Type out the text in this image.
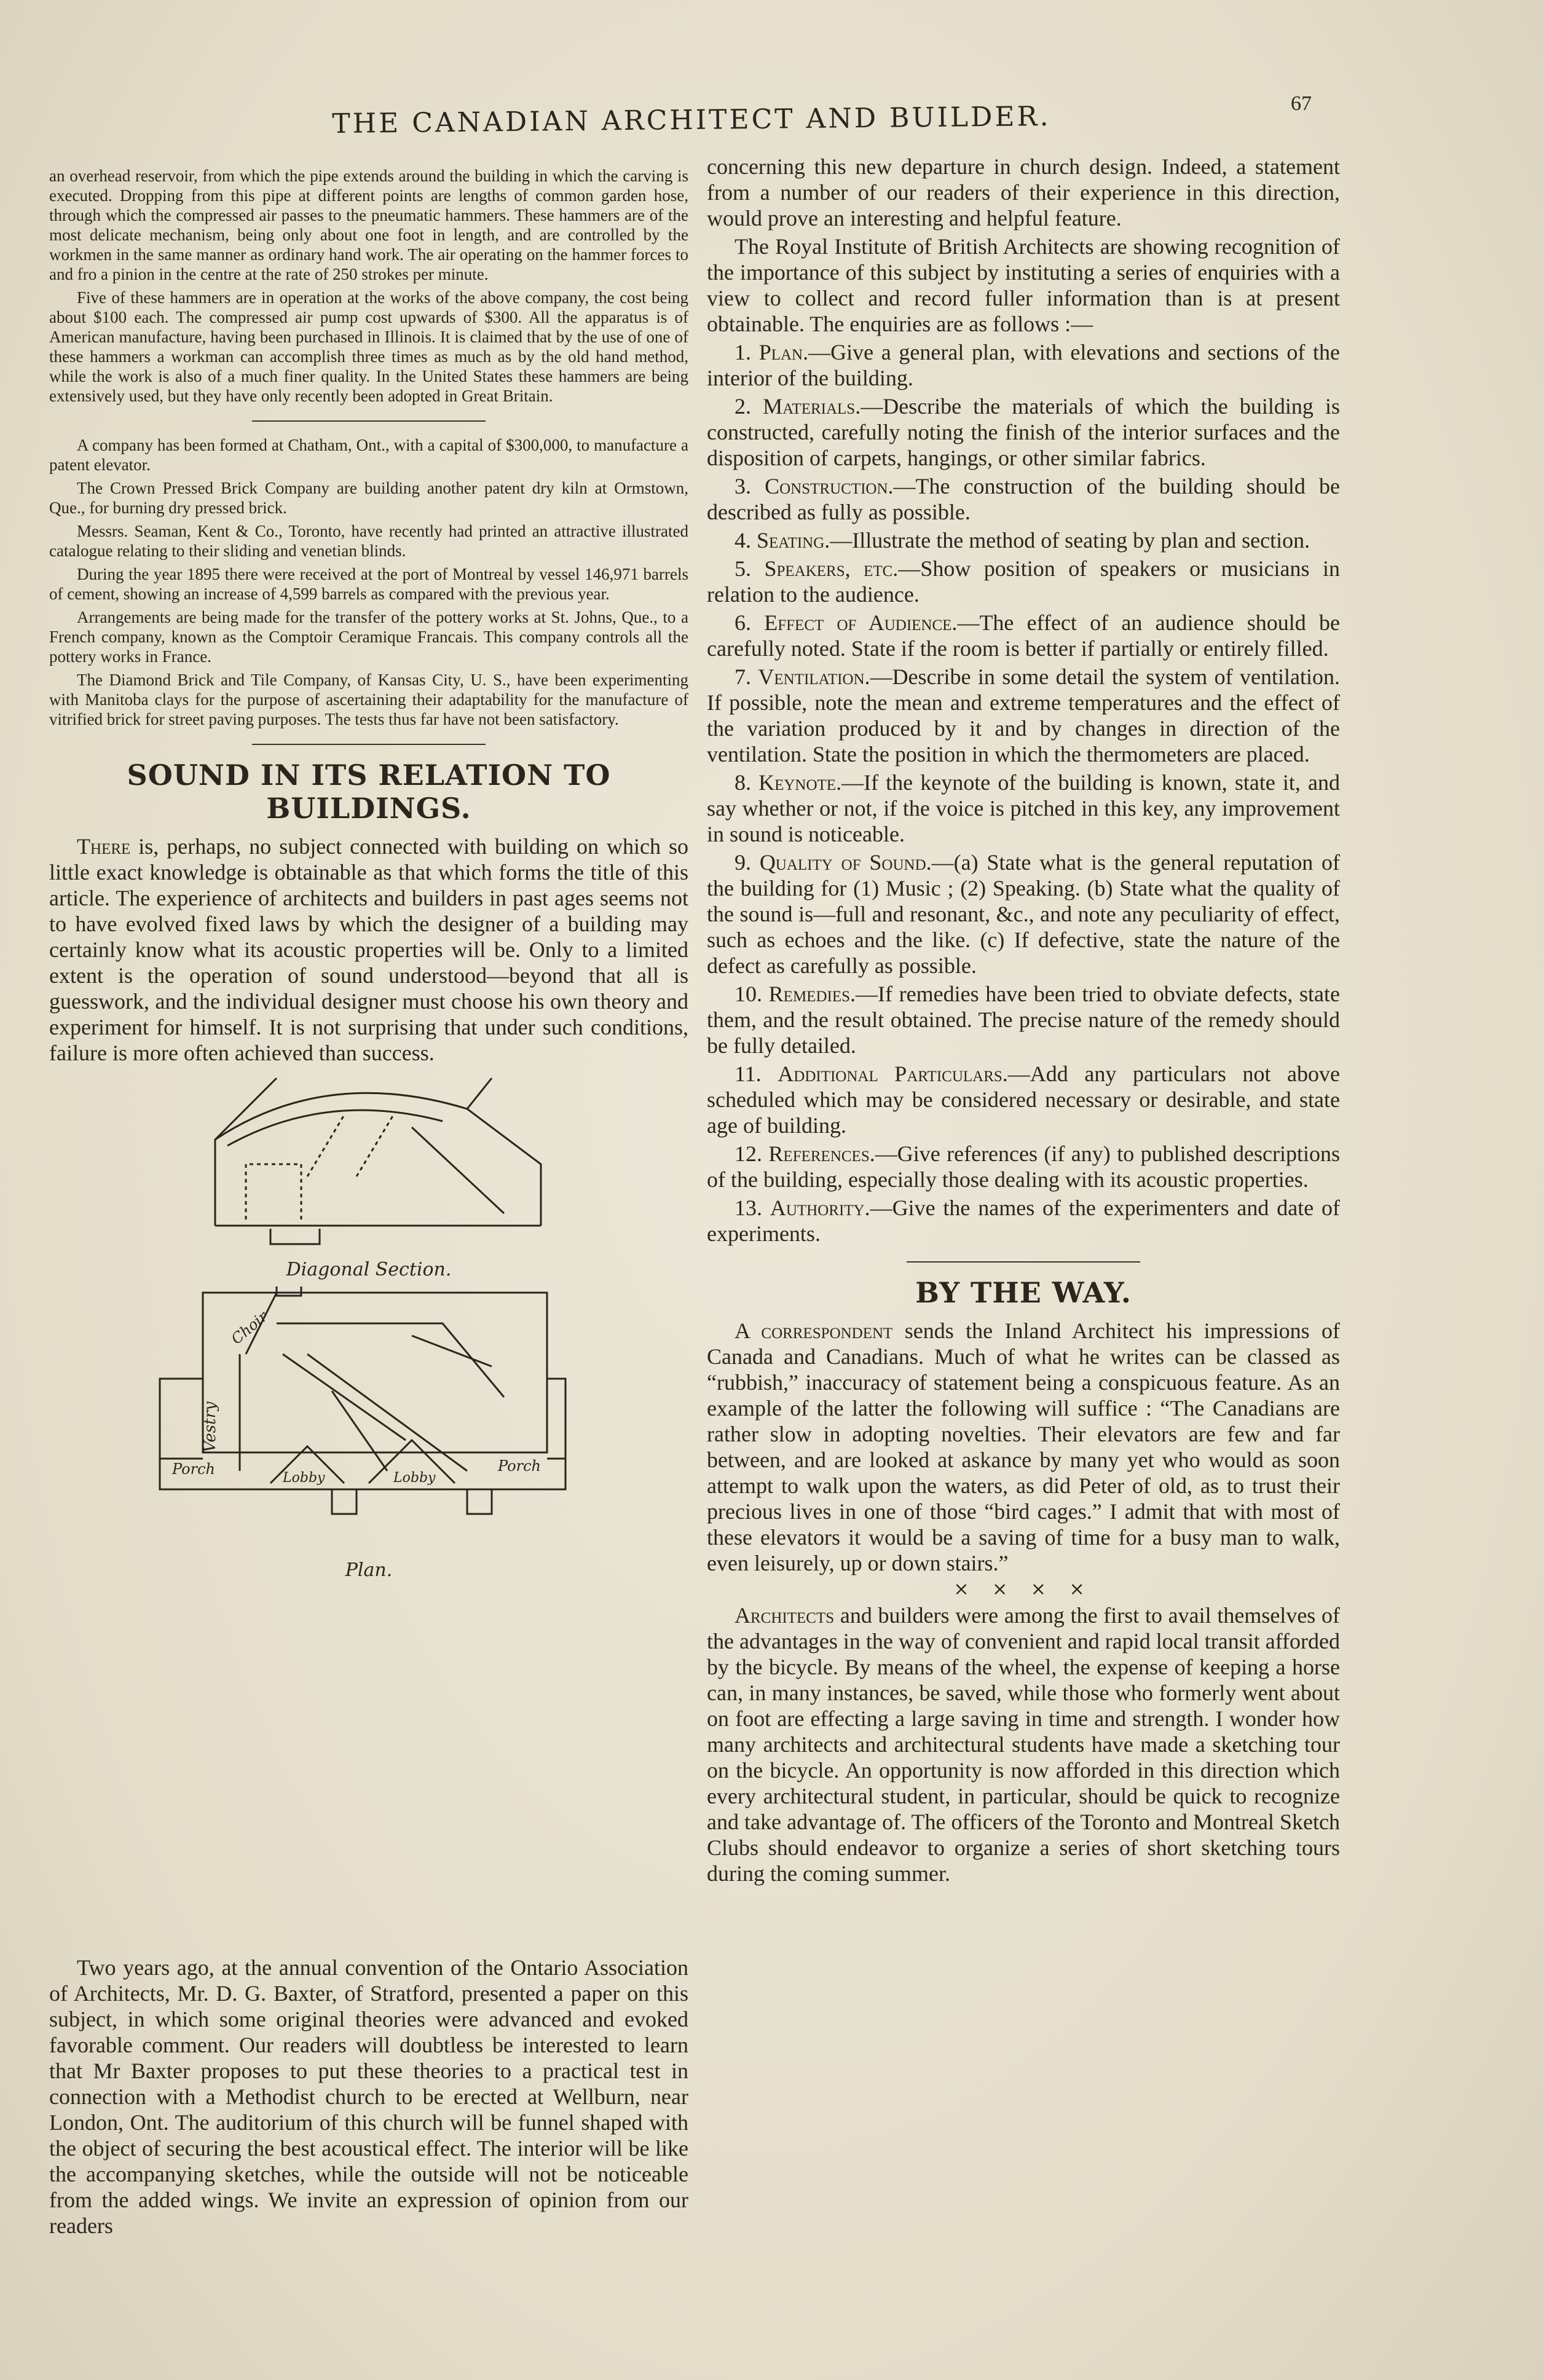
67
THE CANADIAN ARCHITECT AND BUILDER.

an overhead reservoir, from which the pipe extends around the building in which the carving is executed. Dropping from this pipe at different points are lengths of common garden hose, through which the compressed air passes to the pneumatic hammers. These hammers are of the most delicate mechanism, being only about one foot in length, and are controlled by the workmen in the same manner as ordinary hand work. The air operating on the hammer forces to and fro a pinion in the centre at the rate of 250 strokes per minute.

Five of these hammers are in operation at the works of the above company, the cost being about $100 each. The compressed air pump cost upwards of $300. All the apparatus is of American manufacture, having been purchased in Illinois. It is claimed that by the use of one of these hammers a workman can accomplish three times as much as by the old hand method, while the work is also of a much finer quality. In the United States these hammers are being extensively used, but they have only recently been adopted in Great Britain.

A company has been formed at Chatham, Ont., with a capital of $300,000, to manufacture a patent elevator.

The Crown Pressed Brick Company are building another patent dry kiln at Ormstown, Que., for burning dry pressed brick.

Messrs. Seaman, Kent & Co., Toronto, have recently had printed an attractive illustrated catalogue relating to their sliding and venetian blinds.

During the year 1895 there were received at the port of Montreal by vessel 146,971 barrels of cement, showing an increase of 4,599 barrels as compared with the previous year.

Arrangements are being made for the transfer of the pottery works at St. Johns, Que., to a French company, known as the Comptoir Ceramique Francais. This company controls all the pottery works in France.

The Diamond Brick and Tile Company, of Kansas City, U. S., have been experimenting with Manitoba clays for the purpose of ascertaining their adaptability for the manufacture of vitrified brick for street paving purposes. The tests thus far have not been satisfactory.

SOUND IN ITS RELATION TO BUILDINGS.

There is, perhaps, no subject connected with building on which so little exact knowledge is obtainable as that which forms the title of this article. The experience of architects and builders in past ages seems not to have evolved fixed laws by which the designer of a building may certainly know what its acoustic properties will be. Only to a limited extent is the operation of sound understood—beyond that all is guesswork, and the individual designer must choose his own theory and experiment for himself. It is not surprising that under such conditions, failure is more often achieved than success.

Diagonal Section.
Choir
Vestry
Porch	Porch
Lobby	Lobby
Plan.

Two years ago, at the annual convention of the Ontario Association of Architects, Mr. D. G. Baxter, of Stratford, presented a paper on this subject, in which some original theories were advanced and evoked favorable comment. Our readers will doubtless be interested to learn that Mr Baxter proposes to put these theories to a practical test in connection with a Methodist church to be erected at Wellburn, near London, Ont. The auditorium of this church will be funnel shaped with the object of securing the best acoustical effect. The interior will be like the accompanying sketches, while the outside will not be noticeable from the added wings. We invite an expression of opinion from our readers

concerning this new departure in church design. Indeed, a statement from a number of our readers of their experience in this direction, would prove an interesting and helpful feature.

The Royal Institute of British Architects are showing recognition of the importance of this subject by instituting a series of enquiries with a view to collect and record fuller information than is at present obtainable. The enquiries are as follows :—

1. Plan.—Give a general plan, with elevations and sections of the interior of the building.

2. Materials.—Describe the materials of which the building is constructed, carefully noting the finish of the interior surfaces and the disposition of carpets, hangings, or other similar fabrics.

3. Construction.—The construction of the building should be described as fully as possible.

4. Seating.—Illustrate the method of seating by plan and section.

5. Speakers, etc.—Show position of speakers or musicians in relation to the audience.

6. Effect of Audience.—The effect of an audience should be carefully noted. State if the room is better if partially or entirely filled.

7. Ventilation.—Describe in some detail the system of ventilation. If possible, note the mean and extreme temperatures and the effect of the variation produced by it and by changes in direction of the ventilation. State the position in which the thermometers are placed.

8. Keynote.—If the keynote of the building is known, state it, and say whether or not, if the voice is pitched in this key, any improvement in sound is noticeable.

9. Quality of Sound.—(a) State what is the general reputation of the building for (1) Music ; (2) Speaking. (b) State what the quality of the sound is—full and resonant, &c., and note any peculiarity of effect, such as echoes and the like. (c) If defective, state the nature of the defect as carefully as possible.

10. Remedies.—If remedies have been tried to obviate defects, state them, and the result obtained. The precise nature of the remedy should be fully detailed.

11. Additional Particulars.—Add any particulars not above scheduled which may be considered necessary or desirable, and state age of building.

12. References.—Give references (if any) to published descriptions of the building, especially those dealing with its acoustic properties.

13. Authority.—Give the names of the experimenters and date of experiments.

BY THE WAY.

A correspondent sends the Inland Architect his impressions of Canada and Canadians. Much of what he writes can be classed as “rubbish,” inaccuracy of statement being a conspicuous feature. As an example of the latter the following will suffice : “The Canadians are rather slow in adopting novelties. Their elevators are few and far between, and are looked at askance by many yet who would as soon attempt to walk upon the waters, as did Peter of old, as to trust their precious lives in one of those “bird cages.” I admit that with most of these elevators it would be a saving of time for a busy man to walk, even leisurely, up or down stairs.”

× × × ×

Architects and builders were among the first to avail themselves of the advantages in the way of convenient and rapid local transit afforded by the bicycle. By means of the wheel, the expense of keeping a horse can, in many instances, be saved, while those who formerly went about on foot are effecting a large saving in time and strength. I wonder how many architects and architectural students have made a sketching tour on the bicycle. An opportunity is now afforded in this direction which every architectural student, in particular, should be quick to recognize and take advantage of. The officers of the Toronto and Montreal Sketch Clubs should endeavor to organize a series of short sketching tours during the coming summer.
